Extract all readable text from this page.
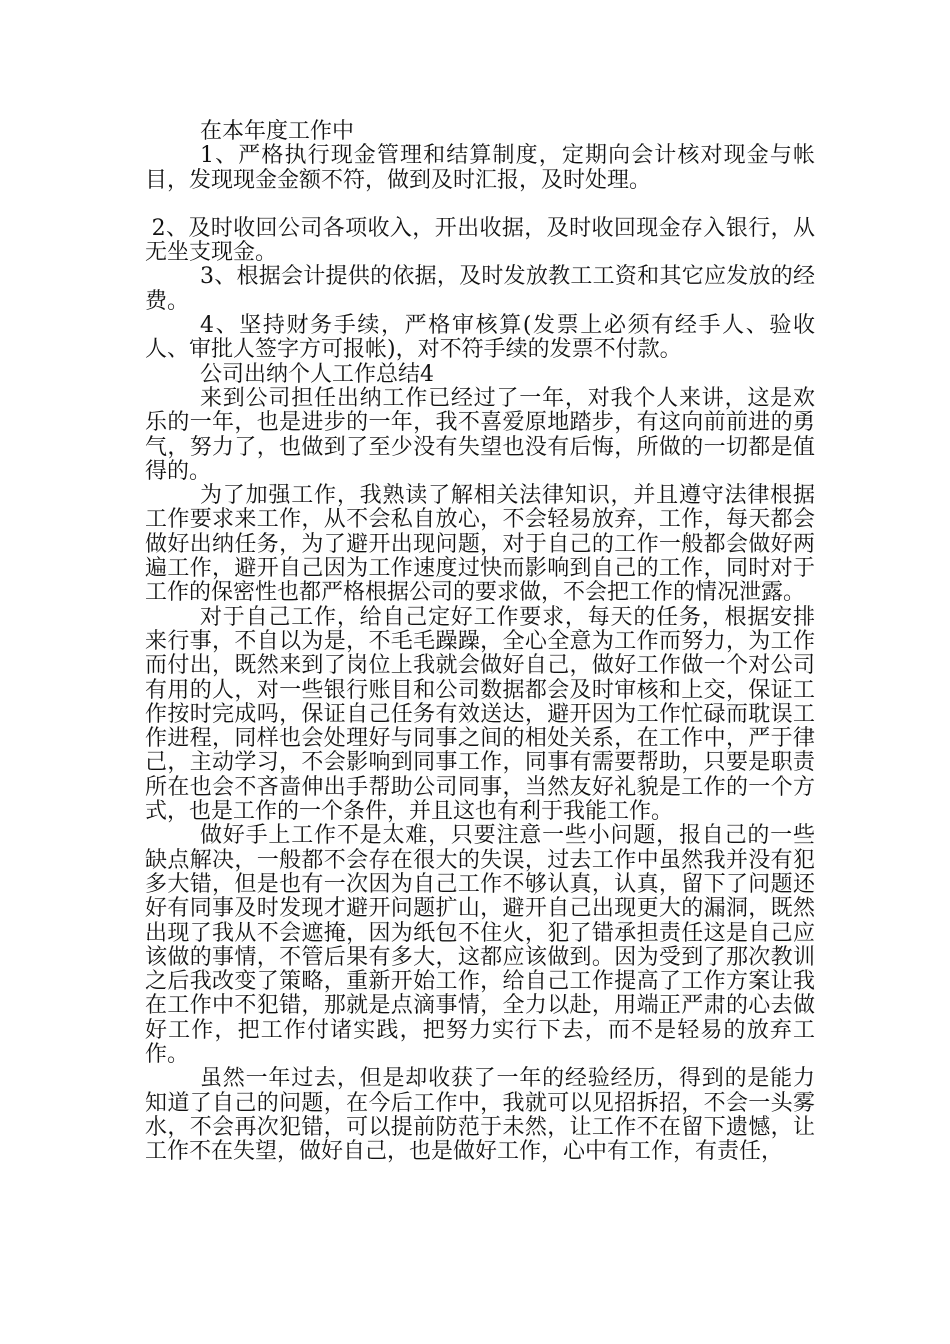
在本年度工作中

1、严格执行现金管理和结算制度，定期向会计核对现金与帐目，发现现金金额不符，做到及时汇报，及时处理。

2、及时收回公司各项收入，开出收据，及时收回现金存入银行，从无坐支现金。

3、根据会计提供的依据，及时发放教工工资和其它应发放的经费。

4、坚持财务手续，严格审核算(发票上必须有经手人、验收人、审批人签字方可报帐)，对不符手续的发票不付款。

公司出纳个人工作总结4

来到公司担任出纳工作已经过了一年，对我个人来讲，这是欢乐的一年，也是进步的一年，我不喜爱原地踏步，有这向前前进的勇气，努力了，也做到了至少没有失望也没有后悔，所做的一切都是值得的。

为了加强工作，我熟读了解相关法律知识，并且遵守法律根据工作要求来工作，从不会私自放心，不会轻易放弃，工作，每天都会做好出纳任务，为了避开出现问题，对于自己的工作一般都会做好两遍工作，避开自己因为工作速度过快而影响到自己的工作，同时对于工作的保密性也都严格根据公司的要求做，不会把工作的情况泄露。

对于自己工作，给自己定好工作要求，每天的任务，根据安排来行事，不自以为是，不毛毛躁躁，全心全意为工作而努力，为工作而付出，既然来到了岗位上我就会做好自己，做好工作做一个对公司有用的人，对一些银行账目和公司数据都会及时审核和上交，保证工作按时完成吗，保证自己任务有效送达，避开因为工作忙碌而耽误工作进程，同样也会处理好与同事之间的相处关系，在工作中，严于律己，主动学习，不会影响到同事工作，同事有需要帮助，只要是职责所在也会不吝啬伸出手帮助公司同事，当然友好礼貌是工作的一个方式，也是工作的一个条件，并且这也有利于我能工作。

做好手上工作不是太难，只要注意一些小问题，报自己的一些缺点解决，一般都不会存在很大的失误，过去工作中虽然我并没有犯多大错，但是也有一次因为自己工作不够认真，认真，留下了问题还好有同事及时发现才避开问题扩山，避开自己出现更大的漏洞，既然出现了我从不会遮掩，因为纸包不住火，犯了错承担责任这是自己应该做的事情，不管后果有多大，这都应该做到。因为受到了那次教训之后我改变了策略，重新开始工作，给自己工作提高了工作方案让我在工作中不犯错，那就是点滴事情，全力以赴，用端正严肃的心去做好工作，把工作付诸实践，把努力实行下去，而不是轻易的放弃工作。

虽然一年过去，但是却收获了一年的经验经历，得到的是能力知道了自己的问题，在今后工作中，我就可以见招拆招，不会一头雾水，不会再次犯错，可以提前防范于未然，让工作不在留下遗憾，让工作不在失望，做好自己，也是做好工作，心中有工作，有责任，
